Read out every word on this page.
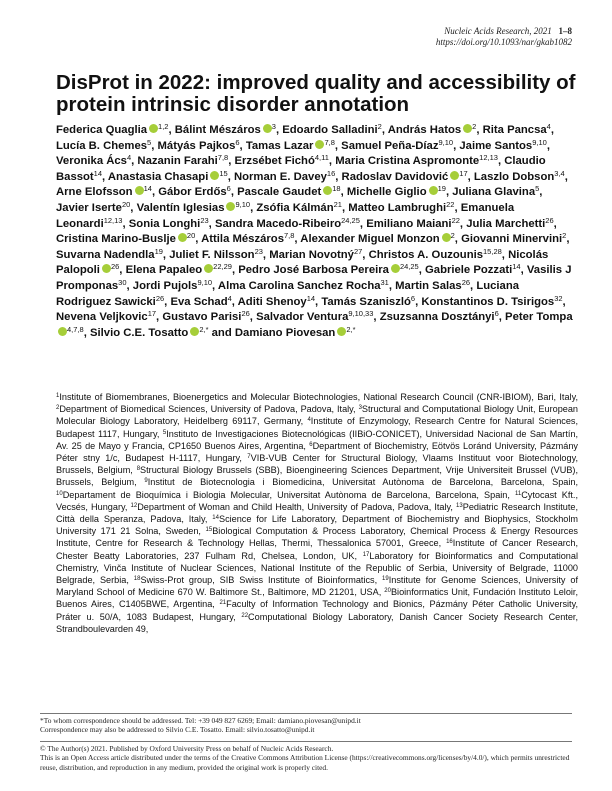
Nucleic Acids Research, 2021 1–8
https://doi.org/10.1093/nar/gkab1082
DisProt in 2022: improved quality and accessibility of protein intrinsic disorder annotation
Federica Quaglia $^{1,2}$, Bálint Mészáros $^3$, Edoardo Salladini$^2$, András Hatos $^2$, Rita Pancsa$^4$, Lucía B. Chemes$^5$, Mátyás Pajkos$^6$, Tamas Lazar $^{7,8}$, Samuel Peña-Díaz$^{9,10}$, Jaime Santos$^{9,10}$, Veronika Ács$^4$, Nazanin Farahi$^{7,8}$, Erzsébet Fichó$^{4,11}$, Maria Cristina Aspromonte$^{12,13}$, Claudio Bassot$^{14}$, Anastasia Chasapi $^{15}$, Norman E. Davey$^{16}$, Radoslav Davidović $^{17}$, Laszlo Dobson$^{3,4}$, Arne Elofsson $^{14}$, Gábor Erdős$^6$, Pascale Gaudet $^{18}$, Michelle Giglio $^{19}$, Juliana Glavina$^5$, Javier Iserte$^{20}$, Valentín Iglesias $^{9,10}$, Zsófia Kálmán$^{21}$, Matteo Lambrughi$^{22}$, Emanuela Leonardi$^{12,13}$, Sonia Longhi$^{23}$, Sandra Macedo-Ribeiro$^{24,25}$, Emiliano Maiani$^{22}$, Julia Marchetti$^{26}$, Cristina Marino-Buslje $^{20}$, Attila Mészáros$^{7,8}$, Alexander Miguel Monzon $^2$, Giovanni Minervini$^2$, Suvarna Nadendla$^{19}$, Juliet F. Nilsson$^{23}$, Marian Novotný$^{27}$, Christos A. Ouzounis$^{15,28}$, Nicolás Palopoli $^{26}$, Elena Papaleo $^{22,29}$, Pedro José Barbosa Pereira $^{24,25}$, Gabriele Pozzati$^{14}$, Vasilis J Promponas$^{30}$, Jordi Pujols$^{9,10}$, Alma Carolina Sanchez Rocha$^{31}$, Martin Salas$^{26}$, Luciana Rodriguez Sawicki$^{26}$, Eva Schad$^4$, Aditi Shenoy$^{14}$, Tamás Szaniszló$^6$, Konstantinos D. Tsirigos$^{32}$, Nevena Veljkovic$^{17}$, Gustavo Parisi$^{26}$, Salvador Ventura$^{9,10,33}$, Zsuzsanna Dosztányi$^6$, Peter Tompa$^{4,7,8}$, Silvio C.E. Tosatto $^{2,*}$ and Damiano Piovesan $^{2,*}$
$^1$Institute of Biomembranes, Bioenergetics and Molecular Biotechnologies, National Research Council (CNR-IBIOM), Bari, Italy, $^2$Department of Biomedical Sciences, University of Padova, Padova, Italy, $^3$Structural and Computational Biology Unit, European Molecular Biology Laboratory, Heidelberg 69117, Germany, $^4$Institute of Enzymology, Research Centre for Natural Sciences, Budapest 1117, Hungary, $^5$Instituto de Investigaciones Biotecnológicas (IIBiO-CONICET), Universidad Nacional de San Martín, Av. 25 de Mayo y Francia, CP1650 Buenos Aires, Argentina, $^6$Department of Biochemistry, Eötvös Loránd University, Pázmány Péter stny 1/c, Budapest H-1117, Hungary, $^7$VIB-VUB Center for Structural Biology, Vlaams Instituut voor Biotechnology, Brussels, Belgium, $^8$Structural Biology Brussels (SBB), Bioengineering Sciences Department, Vrije Universiteit Brussel (VUB), Brussels, Belgium, $^9$Institut de Biotecnologia i Biomedicina, Universitat Autònoma de Barcelona, Barcelona, Spain, $^{10}$Departament de Bioquímica i Biologia Molecular, Universitat Autònoma de Barcelona, Barcelona, Spain, $^{11}$Cytocast Kft., Vecsés, Hungary, $^{12}$Department of Woman and Child Health, University of Padova, Padova, Italy, $^{13}$Pediatric Research Institute, Città della Speranza, Padova, Italy, $^{14}$Science for Life Laboratory, Department of Biochemistry and Biophysics, Stockholm University 171 21 Solna, Sweden, $^{15}$Biological Computation & Process Laboratory, Chemical Process & Energy Resources Institute, Centre for Research & Technology Hellas, Thermi, Thessalonica 57001, Greece, $^{16}$Institute of Cancer Research, Chester Beatty Laboratories, 237 Fulham Rd, Chelsea, London, UK, $^{17}$Laboratory for Bioinformatics and Computational Chemistry, Vinča Institute of Nuclear Sciences, National Institute of the Republic of Serbia, University of Belgrade, 11000 Belgrade, Serbia, $^{18}$Swiss-Prot group, SIB Swiss Institute of Bioinformatics, $^{19}$Institute for Genome Sciences, University of Maryland School of Medicine 670 W. Baltimore St., Baltimore, MD 21201, USA, $^{20}$Bioinformatics Unit, Fundación Instituto Leloir, Buenos Aires, C1405BWE, Argentina, $^{21}$Faculty of Information Technology and Bionics, Pázmány Péter Catholic University, Práter u. 50/A, 1083 Budapest, Hungary, $^{22}$Computational Biology Laboratory, Danish Cancer Society Research Center, Strandboulevarden 49,
*To whom correspondence should be addressed. Tel: +39 049 827 6269; Email: damiano.piovesan@unipd.it
Correspondence may also be addressed to Silvio C.E. Tosatto. Email: silvio.tosatto@unipd.it
© The Author(s) 2021. Published by Oxford University Press on behalf of Nucleic Acids Research.
This is an Open Access article distributed under the terms of the Creative Commons Attribution License (https://creativecommons.org/licenses/by/4.0/), which permits unrestricted reuse, distribution, and reproduction in any medium, provided the original work is properly cited.
